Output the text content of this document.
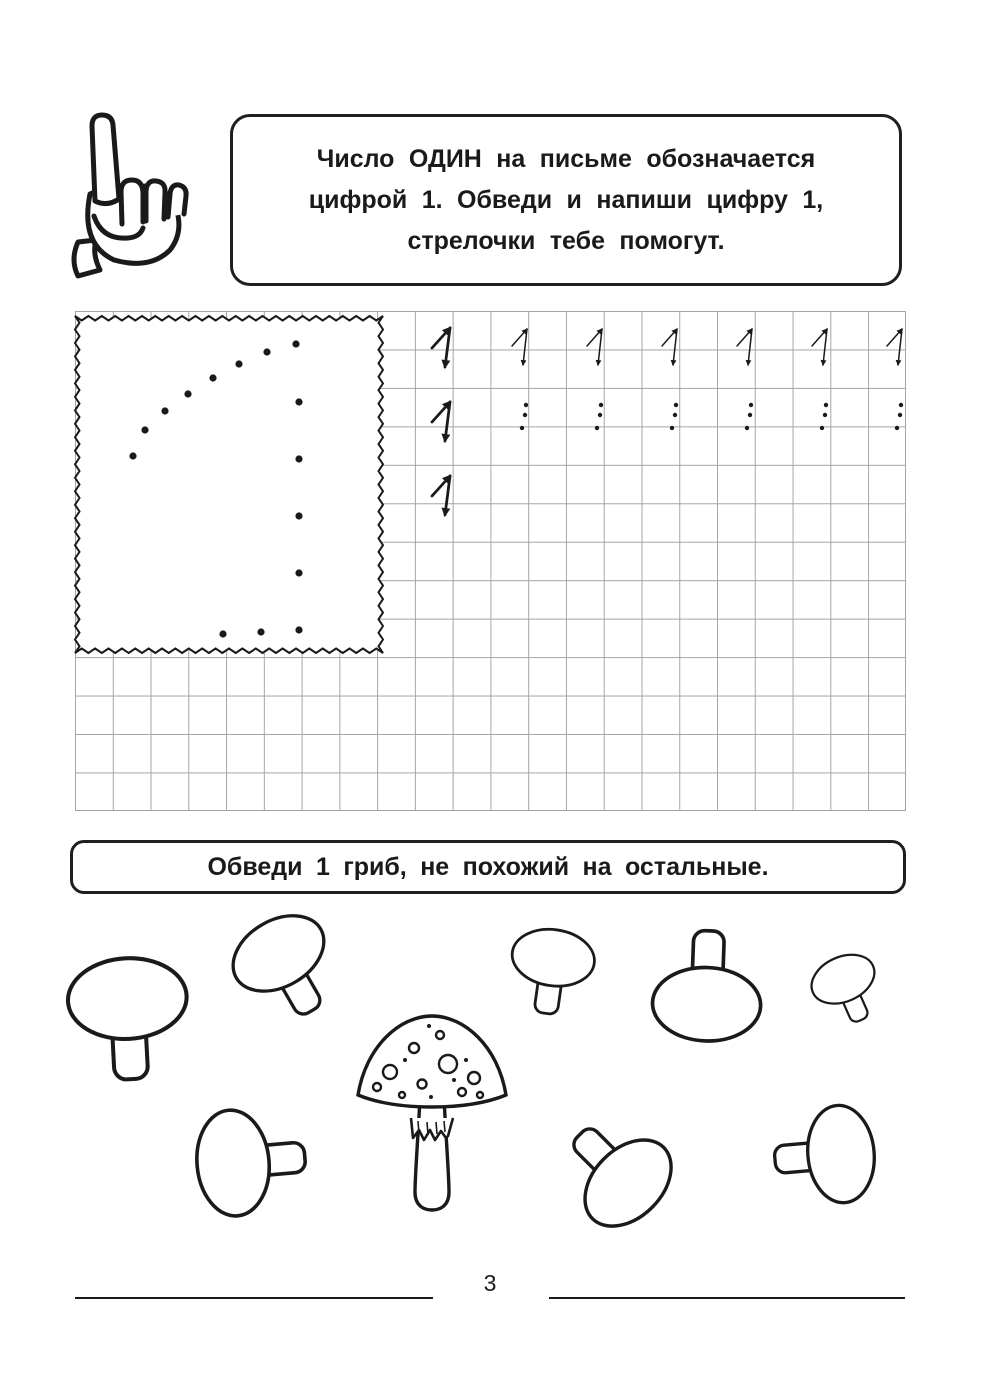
Число ОДИН на письме обозначается
цифрой 1. Обведи и напиши цифру 1,
стрелочки тебе помогут.
Обведи 1 гриб, не похожий на остальные.
3
